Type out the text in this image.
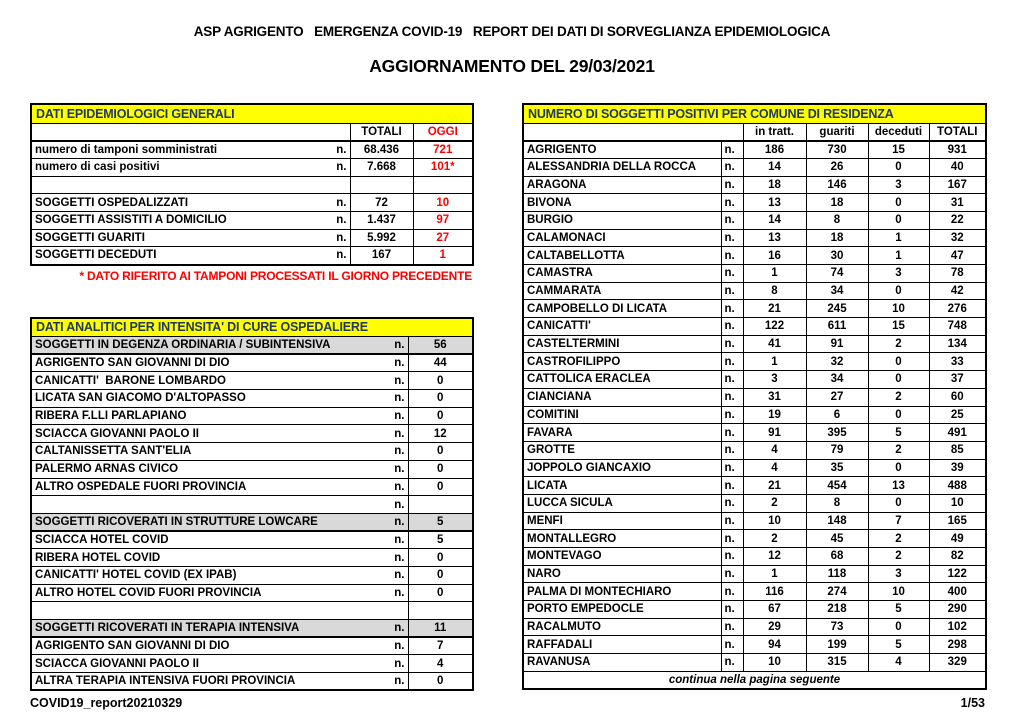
ASP AGRIGENTO   EMERGENZA COVID-19   REPORT DEI DATI DI SORVEGLIANZA EPIDEMIOLOGICA
AGGIORNAMENTO DEL 29/03/2021
DATI EPIDEMIOLOGICI GENERALI		
	TOTALI	OGGI

numero di tamponi somministrati n.	68.436	721

numero di casi positivi n.	7.668	101*

SOGGETTI OSPEDALIZZATI n.	72	10

SOGGETTI ASSISTITI A DOMICILIO n.	1.437	97

SOGGETTI GUARITI n.	5.992	27

SOGGETTI DECEDUTI n.	167	1
* DATO RIFERITO AI TAMPONI PROCESSATI IL GIORNO PRECEDENTE
DATI ANALITICI PER INTENSITA' DI CURE OSPEDALIERE	

SOGGETTI IN DEGENZA ORDINARIA / SUBINTENSIVA n.	56

AGRIGENTO SAN GIOVANNI DI DIO n.	44

CANICATTI'  BARONE LOMBARDO n.	0

LICATA SAN GIACOMO D'ALTOPASSO n.	0

RIBERA F.LLI PARLAPIANO n.	0

SCIACCA GIOVANNI PAOLO II n.	12

CALTANISSETTA SANT'ELIA n.	0

PALERMO ARNAS CIVICO n.	0

ALTRO OSPEDALE FUORI PROVINCIA n.	0

n.	

SOGGETTI RICOVERATI IN STRUTTURE LOWCARE n.	5

SCIACCA HOTEL COVID n.	5

RIBERA HOTEL COVID n.	0

CANICATTI' HOTEL COVID (EX IPAB) n.	0

ALTRO HOTEL COVID FUORI PROVINCIA n.	0

SOGGETTI RICOVERATI IN TERAPIA INTENSIVA n.	11

AGRIGENTO SAN GIOVANNI DI DIO n.	7

SCIACCA GIOVANNI PAOLO II n.	4

ALTRA TERAPIA INTENSIVA FUORI PROVINCIA n.	0
NUMERO DI SOGGETTI POSITIVI PER COMUNE DI RESIDENZA					
		in tratt.	guariti	deceduti	TOTALI
AGRIGENTO	n.	186	730	15	931
ALESSANDRIA DELLA ROCCA	n.	14	26	0	40
ARAGONA	n.	18	146	3	167
BIVONA	n.	13	18	0	31
BURGIO	n.	14	8	0	22
CALAMONACI	n.	13	18	1	32
CALTABELLOTTA	n.	16	30	1	47
CAMASTRA	n.	1	74	3	78
CAMMARATA	n.	8	34	0	42
CAMPOBELLO DI LICATA	n.	21	245	10	276
CANICATTI'	n.	122	611	15	748
CASTELTERMINI	n.	41	91	2	134
CASTROFILIPPO	n.	1	32	0	33
CATTOLICA ERACLEA	n.	3	34	0	37
CIANCIANA	n.	31	27	2	60
COMITINI	n.	19	6	0	25
FAVARA	n.	91	395	5	491
GROTTE	n.	4	79	2	85
JOPPOLO GIANCAXIO	n.	4	35	0	39
LICATA	n.	21	454	13	488
LUCCA SICULA	n.	2	8	0	10
MENFI	n.	10	148	7	165
MONTALLEGRO	n.	2	45	2	49
MONTEVAGO	n.	12	68	2	82
NARO	n.	1	118	3	122
PALMA DI MONTECHIARO	n.	116	274	10	400
PORTO EMPEDOCLE	n.	67	218	5	290
RACALMUTO	n.	29	73	0	102
RAFFADALI	n.	94	199	5	298
RAVANUSA	n.	10	315	4	329
continua nella pagina seguente					
COVID19_report20210329	1/53
